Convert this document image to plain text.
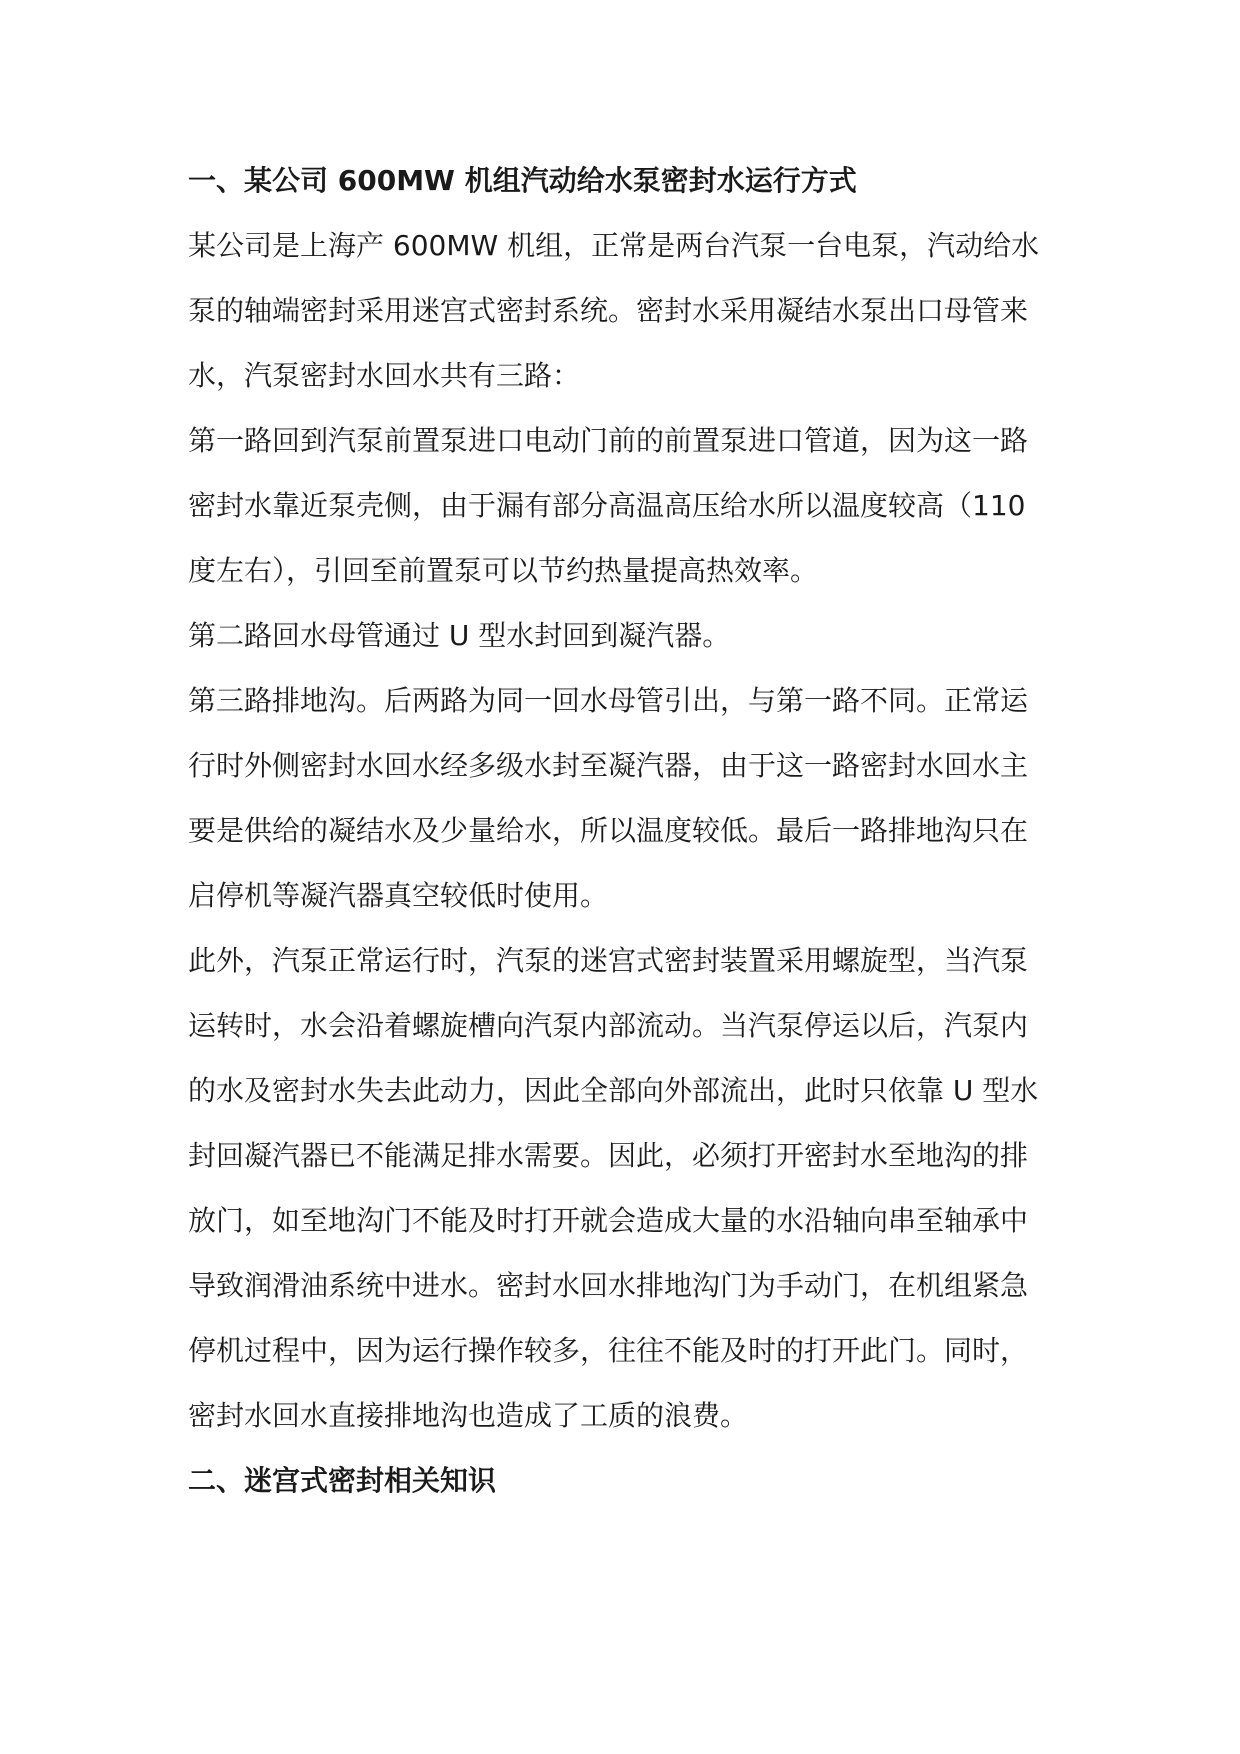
一、某公司 600MW 机组汽动给水泵密封水运行方式

某公司是上海产 600MW 机组，正常是两台汽泵一台电泵，汽动给水
泵的轴端密封采用迷宫式密封系统。密封水采用凝结水泵出口母管来
水，汽泵密封水回水共有三路：

第一路回到汽泵前置泵进口电动门前的前置泵进口管道，因为这一路
密封水靠近泵壳侧，由于漏有部分高温高压给水所以温度较高（110
度左右），引回至前置泵可以节约热量提高热效率。

第二路回水母管通过 U 型水封回到凝汽器。

第三路排地沟。后两路为同一回水母管引出，与第一路不同。正常运
行时外侧密封水回水经多级水封至凝汽器，由于这一路密封水回水主
要是供给的凝结水及少量给水，所以温度较低。最后一路排地沟只在
启停机等凝汽器真空较低时使用。

此外，汽泵正常运行时，汽泵的迷宫式密封装置采用螺旋型，当汽泵
运转时，水会沿着螺旋槽向汽泵内部流动。当汽泵停运以后，汽泵内
的水及密封水失去此动力，因此全部向外部流出，此时只依靠 U 型水
封回凝汽器已不能满足排水需要。因此，必须打开密封水至地沟的排
放门，如至地沟门不能及时打开就会造成大量的水沿轴向串至轴承中
导致润滑油系统中进水。密封水回水排地沟门为手动门，在机组紧急
停机过程中，因为运行操作较多，往往不能及时的打开此门。同时，
密封水回水直接排地沟也造成了工质的浪费。

二、迷宫式密封相关知识
